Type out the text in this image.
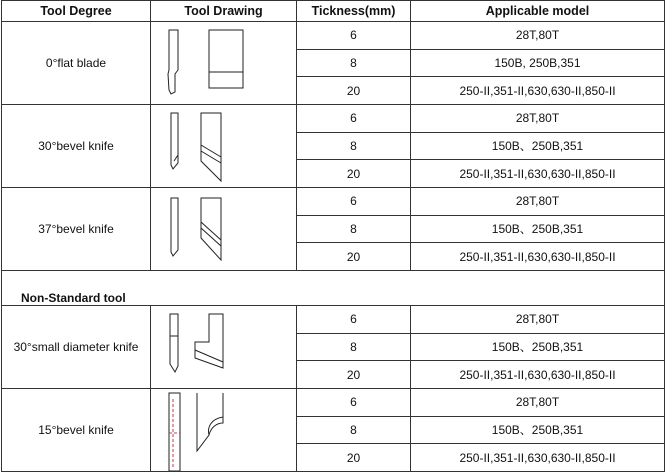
Tool Degree	Tool Drawing	Tickness(mm)	Applicable model
0°flat blade		6	28T,80T
		8	150B, 250B,351
		20	250-II,351-II,630,630-II,850-II
30°bevel knife		6	28T,80T
		8	150B、250B,351
		20	250-II,351-II,630,630-II,850-II
37°bevel knife		6	28T,80T
		8	150B、250B,351
		20	250-II,351-II,630,630-II,850-II
Non-Standard tool			
30°small diameter knife		6	28T,80T
		8	150B、250B,351
		20	250-II,351-II,630,630-II,850-II
15°bevel knife		6	28T,80T
		8	150B、250B,351
		20	250-II,351-II,630,630-II,850-II
